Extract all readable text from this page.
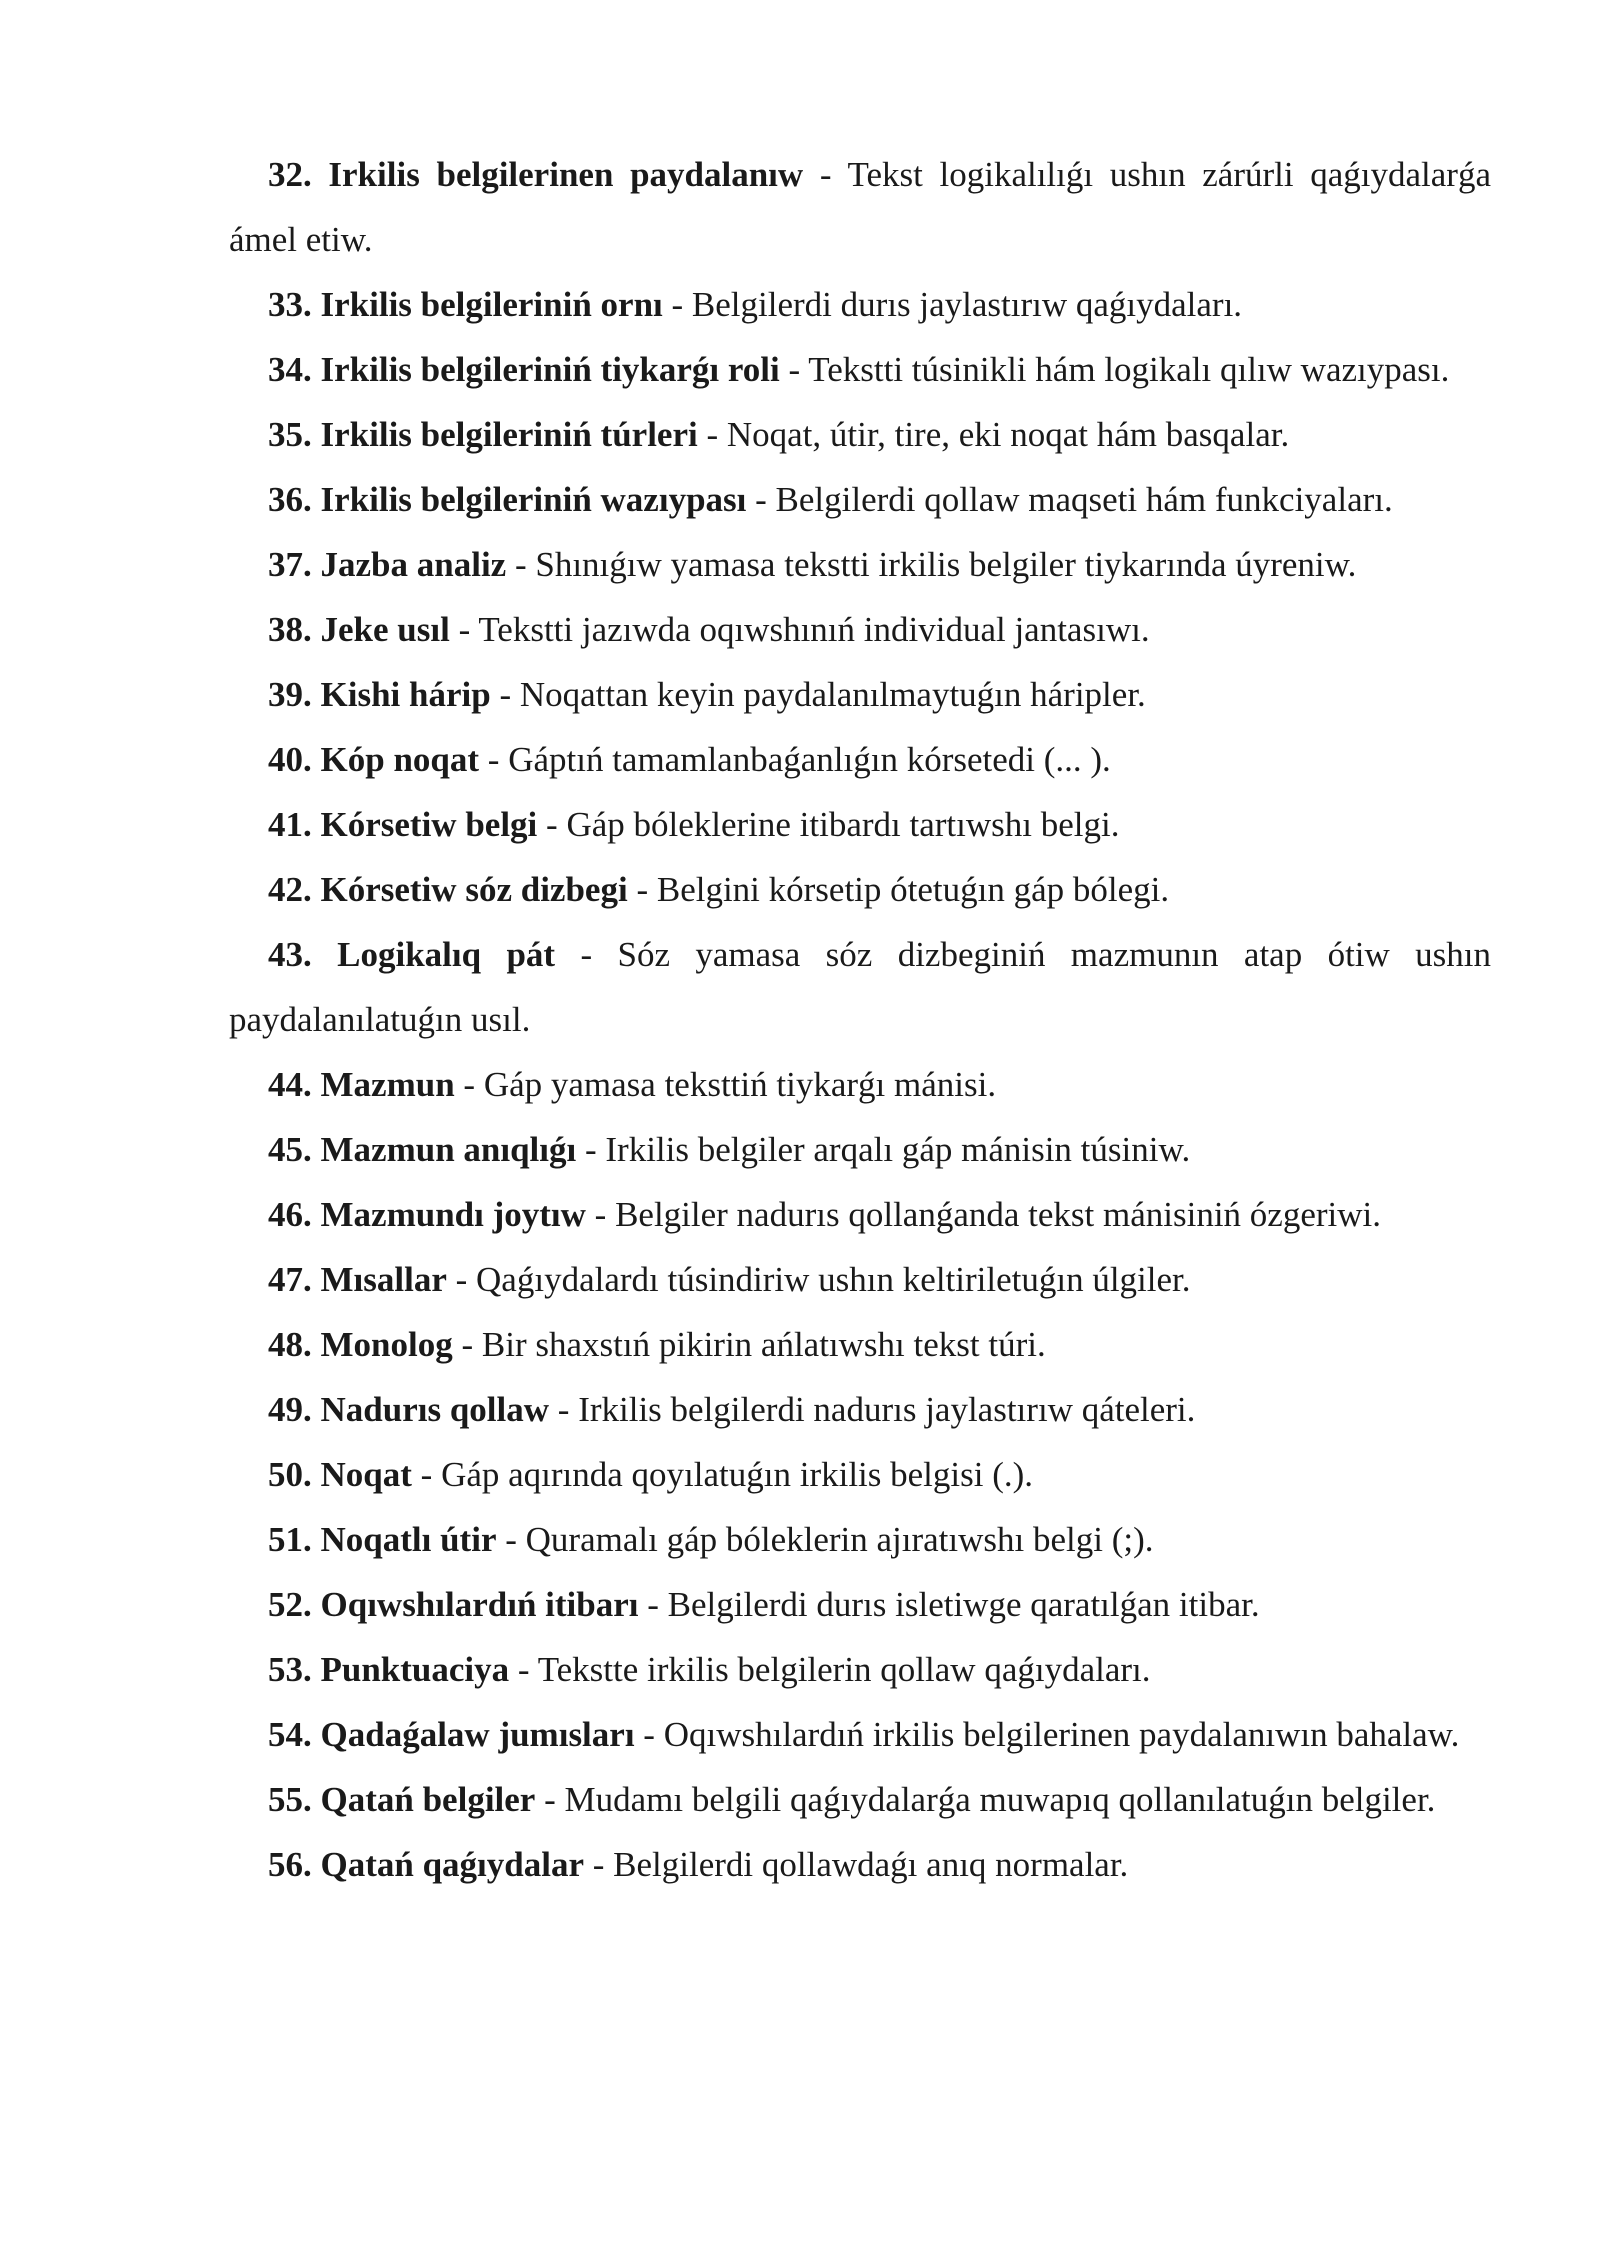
32. Irkilis belgilerinen paydalanıw - Tekst logikalılıǵı ushın zárúrli qaǵıydalarǵa ámel etiw.

33. Irkilis belgileriniń ornı - Belgilerdi durıs jaylastırıw qaǵıydaları.

34. Irkilis belgileriniń tiykarǵı roli - Tekstti túsinikli hám logikalı qılıw wazıypası.

35. Irkilis belgileriniń túrleri - Noqat, útir, tire, eki noqat hám basqalar.

36. Irkilis belgileriniń wazıypası - Belgilerdi qollaw maqseti hám funkciyaları.

37. Jazba analiz - Shınıǵıw yamasa tekstti irkilis belgiler tiykarında úyreniw.

38. Jeke usıl - Tekstti jazıwda oqıwshınıń individual jantasıwı.

39. Kishi hárip - Noqattan keyin paydalanılmaytuǵın háripler.

40. Kóp noqat - Gáptıń tamamlanbaǵanlıǵın kórsetedi (... ).

41. Kórsetiw belgi - Gáp bóleklerine itibardı tartıwshı belgi.

42. Kórsetiw sóz dizbegi - Belgini kórsetip ótetuǵın gáp bólegi.

43. Logikalıq pát - Sóz yamasa sóz dizbeginiń mazmunın atap ótiw ushın paydalanılatuǵın usıl.

44. Mazmun - Gáp yamasa teksttiń tiykarǵı mánisi.

45. Mazmun anıqlıǵı - Irkilis belgiler arqalı gáp mánisin túsiniw.

46. Mazmundı joytıw - Belgiler nadurıs qollanǵanda tekst mánisiniń ózgeriwi.

47. Mısallar - Qaǵıydalardı túsindiriw ushın keltiriletuǵın úlgiler.

48. Monolog - Bir shaxstıń pikirin ańlatıwshı tekst túri.

49. Nadurıs qollaw - Irkilis belgilerdi nadurıs jaylastırıw qáteleri.

50. Noqat - Gáp aqırında qoyılatuǵın irkilis belgisi (.).

51. Noqatlı útir - Quramalı gáp bóleklerin ajıratıwshı belgi (;).

52. Oqıwshılardıń itibarı - Belgilerdi durıs isletiwge qaratılǵan itibar.

53. Punktuaciya - Tekstte irkilis belgilerin qollaw qaǵıydaları.

54. Qadaǵalaw jumısları - Oqıwshılardıń irkilis belgilerinen paydalanıwın bahalaw.

55. Qatań belgiler - Mudamı belgili qaǵıydalarǵa muwapıq qollanılatuǵın belgiler.

56. Qatań qaǵıydalar - Belgilerdi qollawdaǵı anıq normalar.
